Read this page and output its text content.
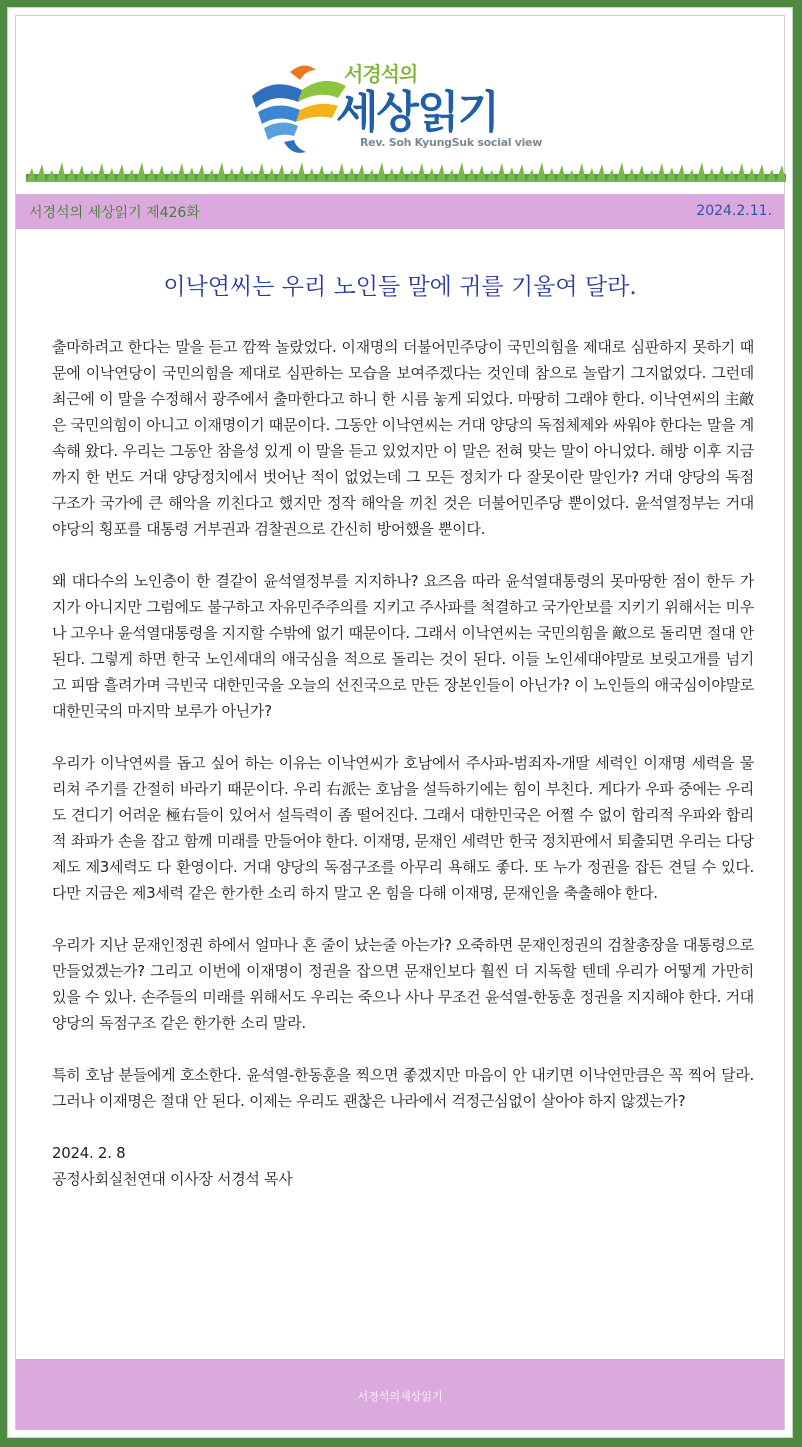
서경석의
세상읽기
Rev. Soh KyungSuk social view
서경석의 세상읽기 제426화	2024.2.11.
이낙연씨는 우리 노인들 말에 귀를 기울여 달라.

출마하려고 한다는 말을 듣고 깜짝 놀랐었다. 이재명의 더불어민주당이 국민의힘을 제대로 심판하지 못하기 때문에 이낙연당이 국민의힘을 제대로 심판하는 모습을 보여주겠다는 것인데 참으로 놀랍기 그지없었다. 그런데 최근에 이 말을 수정해서 광주에서 출마한다고 하니 한 시름 놓게 되었다. 마땅히 그래야 한다. 이낙연씨의 主敵은 국민의힘이 아니고 이재명이기 때문이다. 그동안 이낙연씨는 거대 양당의 독점체제와 싸워야 한다는 말을 계속해 왔다. 우리는 그동안 참을성 있게 이 말을 듣고 있었지만 이 말은 전혀 맞는 말이 아니었다. 해방 이후 지금까지 한 번도 거대 양당정치에서 벗어난 적이 없었는데 그 모든 정치가 다 잘못이란 말인가? 거대 양당의 독점구조가 국가에 큰 해악을 끼친다고 했지만 정작 해악을 끼친 것은 더불어민주당 뿐이었다. 윤석열정부는 거대 야당의 횡포를 대통령 거부권과 검찰권으로 간신히 방어했을 뿐이다.

왜 대다수의 노인층이 한 결같이 윤석열정부를 지지하나? 요즈음 따라 윤석열대통령의 못마땅한 점이 한두 가지가 아니지만 그럼에도 불구하고 자유민주주의를 지키고 주사파를 척결하고 국가안보를 지키기 위해서는 미우나 고우나 윤석열대통령을 지지할 수밖에 없기 때문이다. 그래서 이낙연씨는 국민의힘을 敵으로 돌리면 절대 안 된다. 그렇게 하면 한국 노인세대의 애국심을 적으로 돌리는 것이 된다. 이들 노인세대야말로 보릿고개를 넘기고 피땀 흘려가며 극빈국 대한민국을 오늘의 선진국으로 만든 장본인들이 아닌가? 이 노인들의 애국심이야말로 대한민국의 마지막 보루가 아닌가?

우리가 이낙연씨를 돕고 싶어 하는 이유는 이낙연씨가 호남에서 주사파-범죄자-개딸 세력인 이재명 세력을 물리쳐 주기를 간절히 바라기 때문이다. 우리 右派는 호남을 설득하기에는 힘이 부친다. 게다가 우파 중에는 우리도 견디기 어려운 極右들이 있어서 설득력이 좀 떨어진다. 그래서 대한민국은 어쩔 수 없이 합리적 우파와 합리적 좌파가 손을 잡고 함께 미래를 만들어야 한다. 이재명, 문재인 세력만 한국 정치판에서 퇴출되면 우리는 다당제도 제3세력도 다 환영이다. 거대 양당의 독점구조를 아무리 욕해도 좋다. 또 누가 정권을 잡든 견딜 수 있다. 다만 지금은 제3세력 같은 한가한 소리 하지 말고 온 힘을 다해 이재명, 문재인을 축출해야 한다.

우리가 지난 문재인정권 하에서 얼마나 혼 줄이 났는줄 아는가? 오죽하면 문재인정권의 검찰총장을 대통령으로 만들었겠는가? 그리고 이번에 이재명이 정권을 잡으면 문재인보다 훨씬 더 지독할 텐데 우리가 어떻게 가만히 있을 수 있나. 손주들의 미래를 위해서도 우리는 죽으나 사나 무조건 윤석열-한동훈 정권을 지지해야 한다. 거대 양당의 독점구조 같은 한가한 소리 말라.

특히 호남 분들에게 호소한다. 윤석열-한동훈을 찍으면 좋겠지만 마음이 안 내키면 이낙연만큼은 꼭 찍어 달라. 그러나 이재명은 절대 안 된다. 이제는 우리도 괜찮은 나라에서 걱정근심없이 살아야 하지 않겠는가?

2024. 2. 8
공정사회실천연대 이사장 서경석 목사
서경석의세상읽기
